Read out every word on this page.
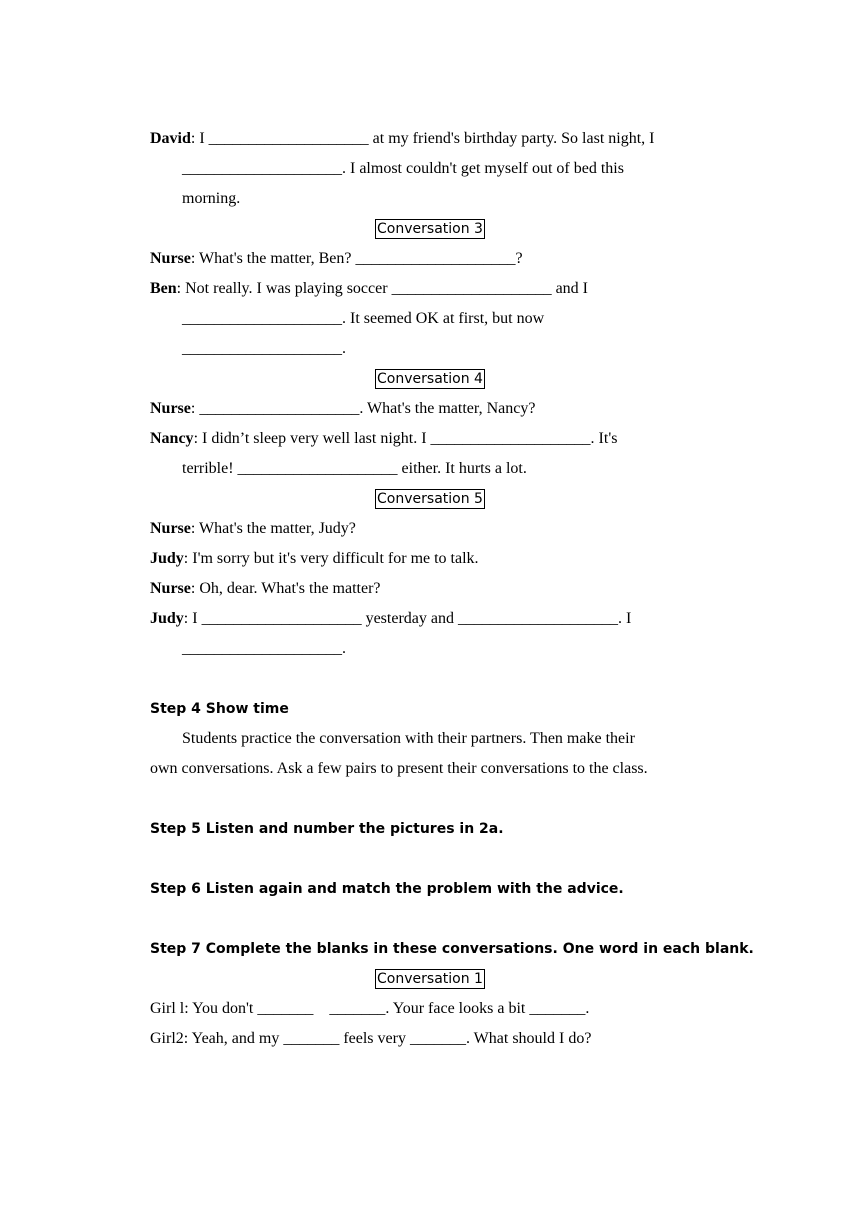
David: I ____________________ at my friend's birthday party. So last night, I
____________________. I almost couldn't get myself out of bed this
morning.
Conversation 3
Nurse: What's the matter, Ben? ____________________?
Ben: Not really. I was playing soccer ____________________ and I
____________________. It seemed OK at first, but now
____________________.
Conversation 4
Nurse: ____________________. What's the matter, Nancy?
Nancy: I didn’t sleep very well last night. I ____________________. It's
terrible! ____________________ either. It hurts a lot.
Conversation 5
Nurse: What's the matter, Judy?
Judy: I'm sorry but it's very difficult for me to talk.
Nurse: Oh, dear. What's the matter?
Judy: I ____________________ yesterday and ____________________. I
____________________.
Step 4 Show time
Students practice the conversation with their partners. Then make their
own conversations. Ask a few pairs to present their conversations to the class.
Step 5 Listen and number the pictures in 2a.
Step 6 Listen again and match the problem with the advice.
Step 7 Complete the blanks in these conversations. One word in each blank.
Conversation 1
Girl l: You don't _______    _______. Your face looks a bit _______.
Girl2: Yeah, and my _______ feels very _______. What should I do?
